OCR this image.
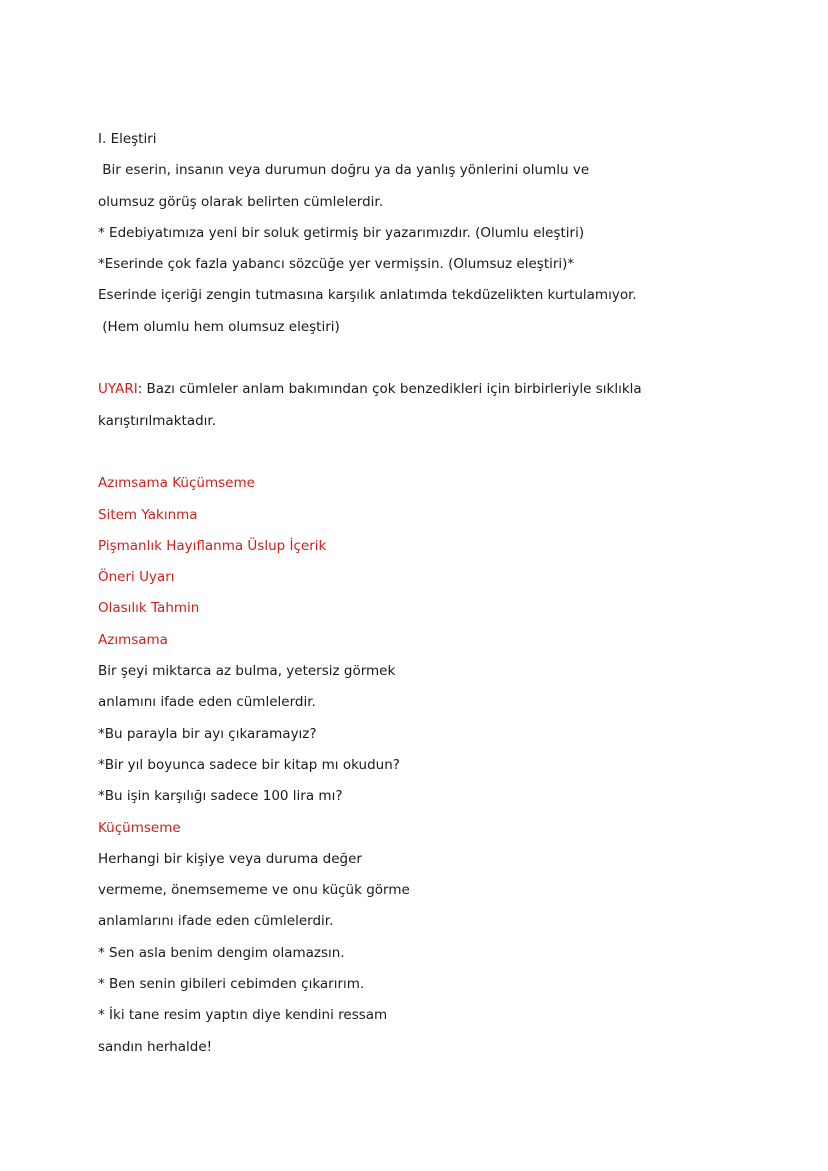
I. Eleştiri
Bir eserin, insanın veya durumun doğru ya da yanlış yönlerini olumlu ve
olumsuz görüş olarak belirten cümlelerdir.
* Edebiyatımıza yeni bir soluk getirmiş bir yazarımızdır. (Olumlu eleştiri)
*Eserinde çok fazla yabancı sözcüğe yer vermişsin. (Olumsuz eleştiri)*
Eserinde içeriği zengin tutmasına karşılık anlatımda tekdüzelikten kurtulamıyor.
(Hem olumlu hem olumsuz eleştiri)
UYARI: Bazı cümleler anlam bakımından çok benzedikleri için birbirleriyle sıklıkla
karıştırılmaktadır.
Azımsama Küçümseme
Sitem Yakınma
Pişmanlık Hayıflanma Üslup İçerik
Öneri Uyarı
Olasılık Tahmin
Azımsama
Bir şeyi miktarca az bulma, yetersiz görmek
anlamını ifade eden cümlelerdir.
*Bu parayla bir ayı çıkaramayız?
*Bir yıl boyunca sadece bir kitap mı okudun?
*Bu işin karşılığı sadece 100 lira mı?
Küçümseme
Herhangi bir kişiye veya duruma değer
vermeme, önemsememe ve onu küçük görme
anlamlarını ifade eden cümlelerdir.
* Sen asla benim dengim olamazsın.
* Ben senin gibileri cebimden çıkarırım.
* İki tane resim yaptın diye kendini ressam
sandın herhalde!
